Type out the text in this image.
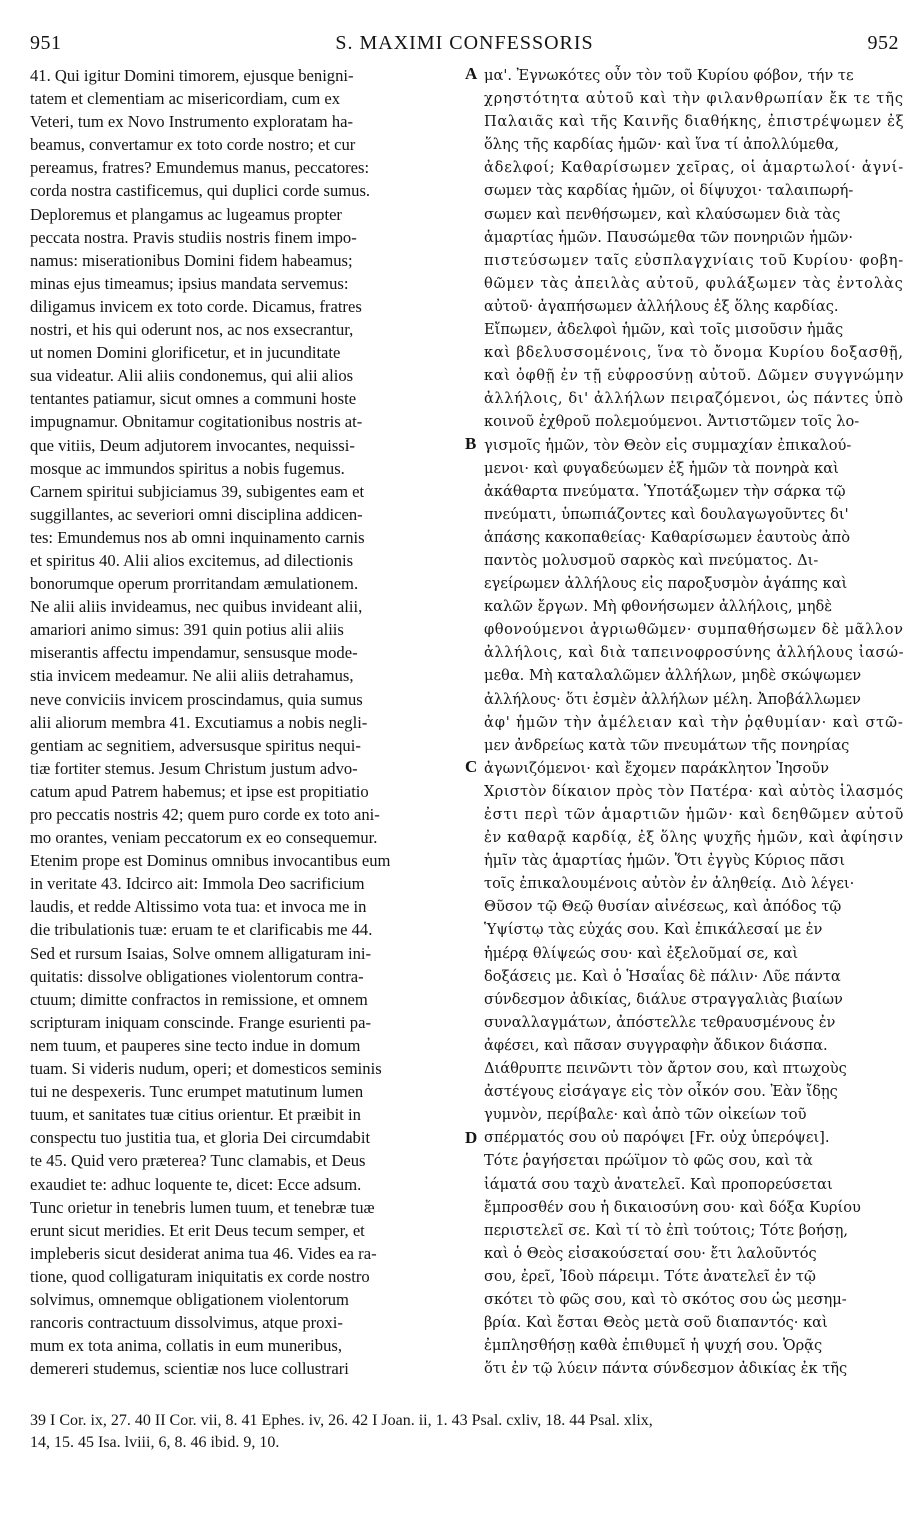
951	S. MAXIMI CONFESSORIS	952
41. Qui igitur Domini timorem, ejusque benigni-
tatem et clementiam ac misericordiam, cum ex
Veteri, tum ex Novo Instrumento exploratam ha-
beamus, convertamur ex toto corde nostro; et cur
pereamus, fratres? Emundemus manus, peccatores:
corda nostra castificemus, qui duplici corde sumus.
Deploremus et plangamus ac lugeamus propter
peccata nostra. Pravis studiis nostris finem impo-
namus: miserationibus Domini fidem habeamus;
minas ejus timeamus; ipsius mandata servemus:
diligamus invicem ex toto corde. Dicamus, fratres
nostri, et his qui oderunt nos, ac nos exsecrantur,
ut nomen Domini glorificetur, et in jucunditate
sua videatur. Alii aliis condonemus, qui alii alios
tentantes patiamur, sicut omnes a communi hoste
impugnamur. Obnitamur cogitationibus nostris at-
que vitiis, Deum adjutorem invocantes, nequissi-
mosque ac immundos spiritus a nobis fugemus.
Carnem spiritui subjiciamus 39, subigentes eam et
suggillantes, ac severiori omni disciplina addicen-
tes: Emundemus nos ab omni inquinamento carnis
et spiritus 40. Alii alios excitemus, ad dilectionis
bonorumque operum prorritandam æmulationem.
Ne alii aliis invideamus, nec quibus invideant alii,
amariori animo simus: 391 quin potius alii aliis
miserantis affectu impendamur, sensusque mode-
stia invicem medeamur. Ne alii aliis detrahamus,
neve conviciis invicem proscindamus, quia sumus
alii aliorum membra 41. Excutiamus a nobis negli-
gentiam ac segnitiem, adversusque spiritus nequi-
tiæ fortiter stemus. Jesum Christum justum advo-
catum apud Patrem habemus; et ipse est propitiatio
pro peccatis nostris 42; quem puro corde ex toto ani-
mo orantes, veniam peccatorum ex eo consequemur.
Etenim prope est Dominus omnibus invocantibus eum
in veritate 43. Idcirco ait: Immola Deo sacrificium
laudis, et redde Altissimo vota tua: et invoca me in
die tribulationis tuæ: eruam te et clarificabis me 44.
Sed et rursum Isaias, Solve omnem alligaturam ini-
quitatis: dissolve obligationes violentorum contra-
ctuum; dimitte confractos in remissione, et omnem
scripturam iniquam conscinde. Frange esurienti pa-
nem tuum, et pauperes sine tecto indue in domum
tuam. Si videris nudum, operi; et domesticos seminis
tui ne despexeris. Tunc erumpet matutinum lumen
tuum, et sanitates tuæ citius orientur. Et præibit in
conspectu tuo justitia tua, et gloria Dei circumdabit
te 45. Quid vero præterea? Tunc clamabis, et Deus
exaudiet te: adhuc loquente te, dicet: Ecce adsum.
Tunc orietur in tenebris lumen tuum, et tenebræ tuæ
erunt sicut meridies. Et erit Deus tecum semper, et
impleberis sicut desiderat anima tua 46. Vides ea ra-
tione, quod colligaturam iniquitatis ex corde nostro
solvimus, omnemque obligationem violentorum
rancoris contractuum dissolvimus, atque proxi-
mum ex tota anima, collatis in eum muneribus,
demereri studemus, scientiæ nos luce collustrari
μα'. Ἐγνωκότες οὖν τὸν τοῦ Κυρίου φόβον, τήν τε
χρηστότητα αὐτοῦ καὶ τὴν φιλανθρωπίαν ἔκ τε τῆς
Παλαιᾶς καὶ τῆς Καινῆς διαθήκης, ἐπιστρέψωμεν ἐξ
ὅλης τῆς καρδίας ἡμῶν· καὶ ἵνα τί ἀπολλύμεθα,
ἀδελφοί; Καθαρίσωμεν χεῖρας, οἱ ἁμαρτωλοί· ἁγνί-
σωμεν τὰς καρδίας ἡμῶν, οἱ δίψυχοι· ταλαιπωρή-
σωμεν καὶ πενθήσωμεν, καὶ κλαύσωμεν διὰ τὰς
ἁμαρτίας ἡμῶν. Παυσώμεθα τῶν πονηριῶν ἡμῶν·
πιστεύσωμεν ταῖς εὐσπλαγχνίαις τοῦ Κυρίου· φοβη-
θῶμεν τὰς ἀπειλὰς αὐτοῦ, φυλάξωμεν τὰς ἐντολὰς
αὐτοῦ· ἀγαπήσωμεν ἀλλήλους ἐξ ὅλης καρδίας.
Εἴπωμεν, ἀδελφοὶ ἡμῶν, καὶ τοῖς μισοῦσιν ἡμᾶς
καὶ βδελυσσομένοις, ἵνα τὸ ὄνομα Κυρίου δοξασθῇ,
καὶ ὀφθῇ ἐν τῇ εὐφροσύνῃ αὐτοῦ. Δῶμεν συγγνώμην
ἀλλήλοις, δι' ἀλλήλων πειραζόμενοι, ὡς πάντες ὑπὸ
κοινοῦ ἐχθροῦ πολεμούμενοι. Ἀντιστῶμεν τοῖς λο-
γισμοῖς ἡμῶν, τὸν Θεὸν εἰς συμμαχίαν ἐπικαλού-
μενοι· καὶ φυγαδεύωμεν ἐξ ἡμῶν τὰ πονηρὰ καὶ
ἀκάθαρτα πνεύματα. Ὑποτάξωμεν τὴν σάρκα τῷ
πνεύματι, ὑπωπιάζοντες καὶ δουλαγωγοῦντες δι'
ἁπάσης κακοπαθείας· Καθαρίσωμεν ἑαυτοὺς ἀπὸ
παντὸς μολυσμοῦ σαρκὸς καὶ πνεύματος. Δι-
εγείρωμεν ἀλλήλους εἰς παροξυσμὸν ἀγάπης καὶ
καλῶν ἔργων. Μὴ φθονήσωμεν ἀλλήλοις, μηδὲ
φθονούμενοι ἀγριωθῶμεν· συμπαθήσωμεν δὲ μᾶλλον
ἀλλήλοις, καὶ διὰ ταπεινοφροσύνης ἀλλήλους ἰασώ-
μεθα. Μὴ καταλαλῶμεν ἀλλήλων, μηδὲ σκώψωμεν
ἀλλήλους· ὅτι ἐσμὲν ἀλλήλων μέλη. Ἀποβάλλωμεν
ἀφ' ἡμῶν τὴν ἀμέλειαν καὶ τὴν ῥᾳθυμίαν· καὶ στῶ-
μεν ἀνδρείως κατὰ τῶν πνευμάτων τῆς πονηρίας
ἀγωνιζόμενοι· καὶ ἔχομεν παράκλητον Ἰησοῦν
Χριστὸν δίκαιον πρὸς τὸν Πατέρα· καὶ αὐτὸς ἱλασμός
ἐστι περὶ τῶν ἁμαρτιῶν ἡμῶν· καὶ δεηθῶμεν αὐτοῦ
ἐν καθαρᾷ καρδίᾳ, ἐξ ὅλης ψυχῆς ἡμῶν, καὶ ἀφίησιν
ἡμῖν τὰς ἁμαρτίας ἡμῶν. Ὅτι ἐγγὺς Κύριος πᾶσι
τοῖς ἐπικαλουμένοις αὐτὸν ἐν ἀληθείᾳ. Διὸ λέγει·
Θῦσον τῷ Θεῷ θυσίαν αἰνέσεως, καὶ ἀπόδος τῷ
Ὑψίστῳ τὰς εὐχάς σου. Καὶ ἐπικάλεσαί με ἐν
ἡμέρᾳ θλίψεώς σου· καὶ ἐξελοῦμαί σε, καὶ
δοξάσεις με. Καὶ ὁ Ἡσαΐας δὲ πάλιν· Λῦε πάντα
σύνδεσμον ἀδικίας, διάλυε στραγγαλιὰς βιαίων
συναλλαγμάτων, ἀπόστελλε τεθραυσμένους ἐν
ἀφέσει, καὶ πᾶσαν συγγραφὴν ἄδικον διάσπα.
Διάθρυπτε πεινῶντι τὸν ἄρτον σου, καὶ πτωχοὺς
ἀστέγους εἰσάγαγε εἰς τὸν οἶκόν σου. Ἐὰν ἴδῃς
γυμνὸν, περίβαλε· καὶ ἀπὸ τῶν οἰκείων τοῦ
σπέρματός σου οὐ παρόψει [Fr. οὐχ ὑπερόψει].
Τότε ῥαγήσεται πρώϊμον τὸ φῶς σου, καὶ τὰ
ἰάματά σου ταχὺ ἀνατελεῖ. Καὶ προπορεύσεται
ἔμπροσθέν σου ἡ δικαιοσύνη σου· καὶ δόξα Κυρίου
περιστελεῖ σε. Καὶ τί τὸ ἐπὶ τούτοις; Τότε βοήσῃ,
καὶ ὁ Θεὸς εἰσακούσεταί σου· ἔτι λαλοῦντός
σου, ἐρεῖ, Ἰδοὺ πάρειμι. Τότε ἀνατελεῖ ἐν τῷ
σκότει τὸ φῶς σου, καὶ τὸ σκότος σου ὡς μεσημ-
βρία. Καὶ ἔσται Θεὸς μετὰ σοῦ διαπαντός· καὶ
ἐμπλησθήσῃ καθὰ ἐπιθυμεῖ ἡ ψυχή σου. Ὁρᾷς
ὅτι ἐν τῷ λύειν πάντα σύνδεσμον ἀδικίας ἐκ τῆς
A
B
C
D
39 I Cor. ix, 27. 40 II Cor. vii, 8. 41 Ephes. iv, 26. 42 I Joan. ii, 1. 43 Psal. cxliv, 18. 44 Psal. xlix,
14, 15. 45 Isa. lviii, 6, 8. 46 ibid. 9, 10.
